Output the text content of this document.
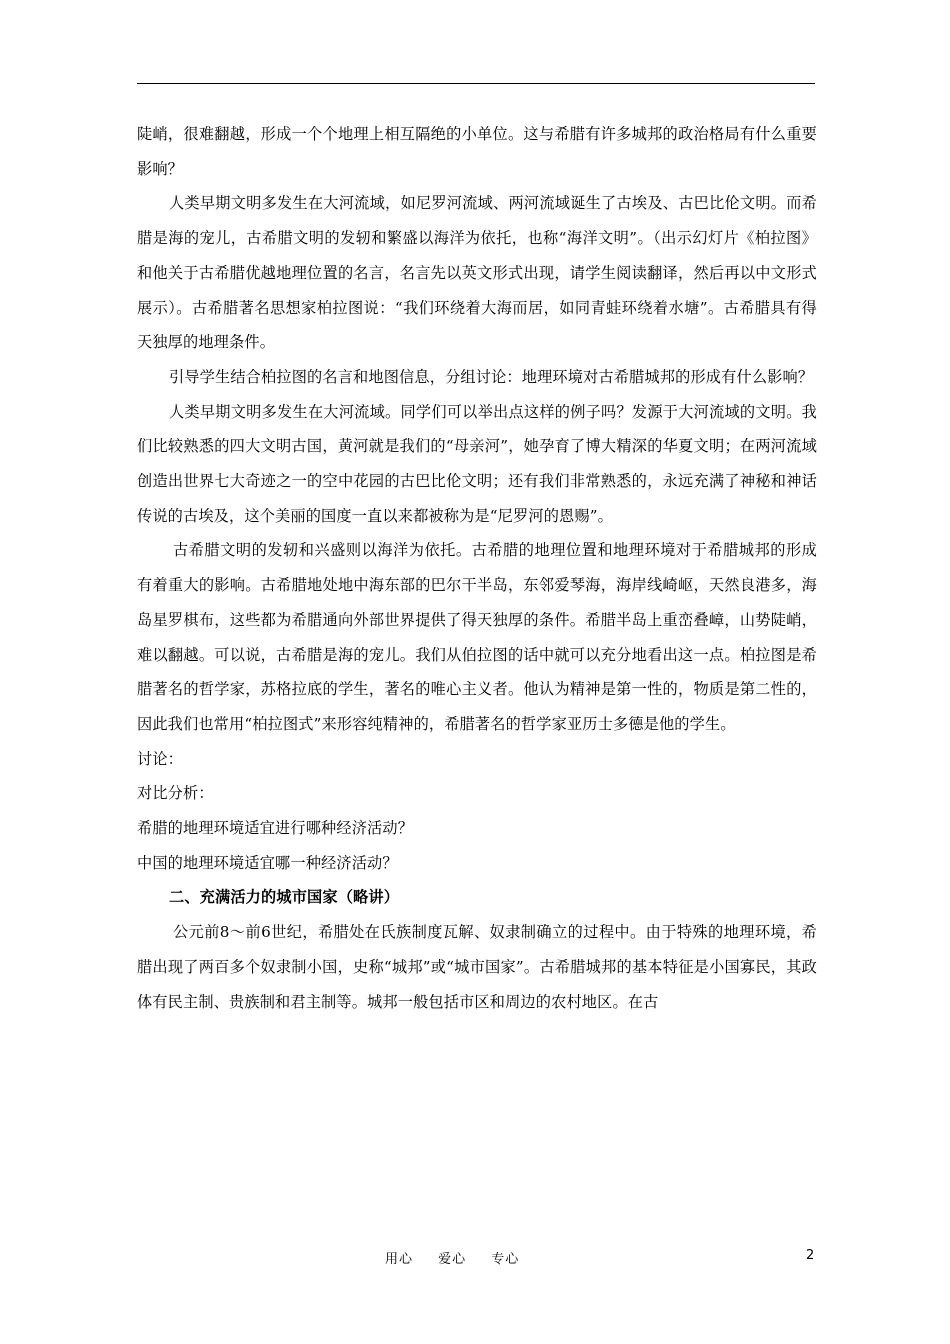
陡峭，很难翻越，形成一个个地理上相互隔绝的小单位。这与希腊有许多城邦的政治格局有什么重要影响？

人类早期文明多发生在大河流域，如尼罗河流域、两河流域诞生了古埃及、古巴比伦文明。而希腊是海的宠儿，古希腊文明的发轫和繁盛以海洋为依托，也称“海洋文明”。（出示幻灯片《柏拉图》和他关于古希腊优越地理位置的名言，名言先以英文形式出现，请学生阅读翻译，然后再以中文形式展示）。古希腊著名思想家柏拉图说：“我们环绕着大海而居，如同青蛙环绕着水塘”。古希腊具有得天独厚的地理条件。

引导学生结合柏拉图的名言和地图信息，分组讨论：地理环境对古希腊城邦的形成有什么影响？

人类早期文明多发生在大河流域。同学们可以举出点这样的例子吗？发源于大河流域的文明。我们比较熟悉的四大文明古国，黄河就是我们的“母亲河”，她孕育了博大精深的华夏文明；在两河流域创造出世界七大奇迹之一的空中花园的古巴比伦文明；还有我们非常熟悉的，永远充满了神秘和神话传说的古埃及，这个美丽的国度一直以来都被称为是“尼罗河的恩赐”。

古希腊文明的发轫和兴盛则以海洋为依托。古希腊的地理位置和地理环境对于希腊城邦的形成有着重大的影响。古希腊地处地中海东部的巴尔干半岛，东邻爱琴海，海岸线崎岖，天然良港多，海岛星罗棋布，这些都为希腊通向外部世界提供了得天独厚的条件。希腊半岛上重峦叠嶂，山势陡峭，难以翻越。可以说，古希腊是海的宠儿。我们从伯拉图的话中就可以充分地看出这一点。柏拉图是希腊著名的哲学家，苏格拉底的学生，著名的唯心主义者。他认为精神是第一性的，物质是第二性的，因此我们也常用“柏拉图式”来形容纯精神的，希腊著名的哲学家亚历士多德是他的学生。

讨论：

对比分析：

希腊的地理环境适宜进行哪种经济活动？

中国的地理环境适宜哪一种经济活动？

二、充满活力的城市国家（略讲）

公元前8～前6世纪，希腊处在氏族制度瓦解、奴隶制确立的过程中。由于特殊的地理环境，希腊出现了两百多个奴隶制小国，史称“城邦”或“城市国家”。古希腊城邦的基本特征是小国寡民，其政体有民主制、贵族制和君主制等。城邦一般包括市区和周边的农村地区。在古

用心 爱心 专心	2
